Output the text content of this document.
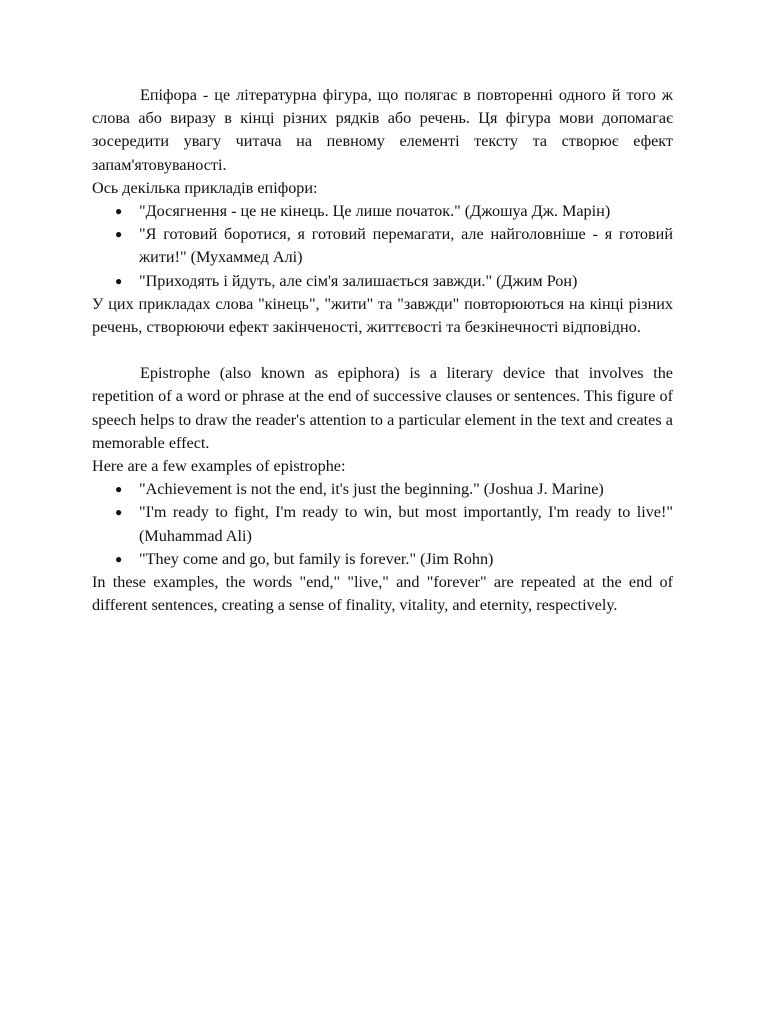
Епіфора - це літературна фігура, що полягає в повторенні одного й того ж слова або виразу в кінці різних рядків або речень. Ця фігура мови допомагає зосередити увагу читача на певному елементі тексту та створює ефект запам'ятовуваності.

Ось декілька прикладів епіфори:

● "Досягнення - це не кінець. Це лише початок." (Джошуа Дж. Марін)
● "Я готовий боротися, я готовий перемагати, але найголовніше - я готовий жити!" (Мухаммед Алі)
● "Приходять і йдуть, але сім'я залишається завжди." (Джим Рон)

У цих прикладах слова "кінець", "жити" та "завжди" повторюються на кінці різних речень, створюючи ефект закінченості, життєвості та безкінечності відповідно.

Epistrophe (also known as epiphora) is a literary device that involves the repetition of a word or phrase at the end of successive clauses or sentences. This figure of speech helps to draw the reader's attention to a particular element in the text and creates a memorable effect.

Here are a few examples of epistrophe:

● "Achievement is not the end, it's just the beginning." (Joshua J. Marine)
● "I'm ready to fight, I'm ready to win, but most importantly, I'm ready to live!" (Muhammad Ali)
● "They come and go, but family is forever." (Jim Rohn)

In these examples, the words "end," "live," and "forever" are repeated at the end of different sentences, creating a sense of finality, vitality, and eternity, respectively.
